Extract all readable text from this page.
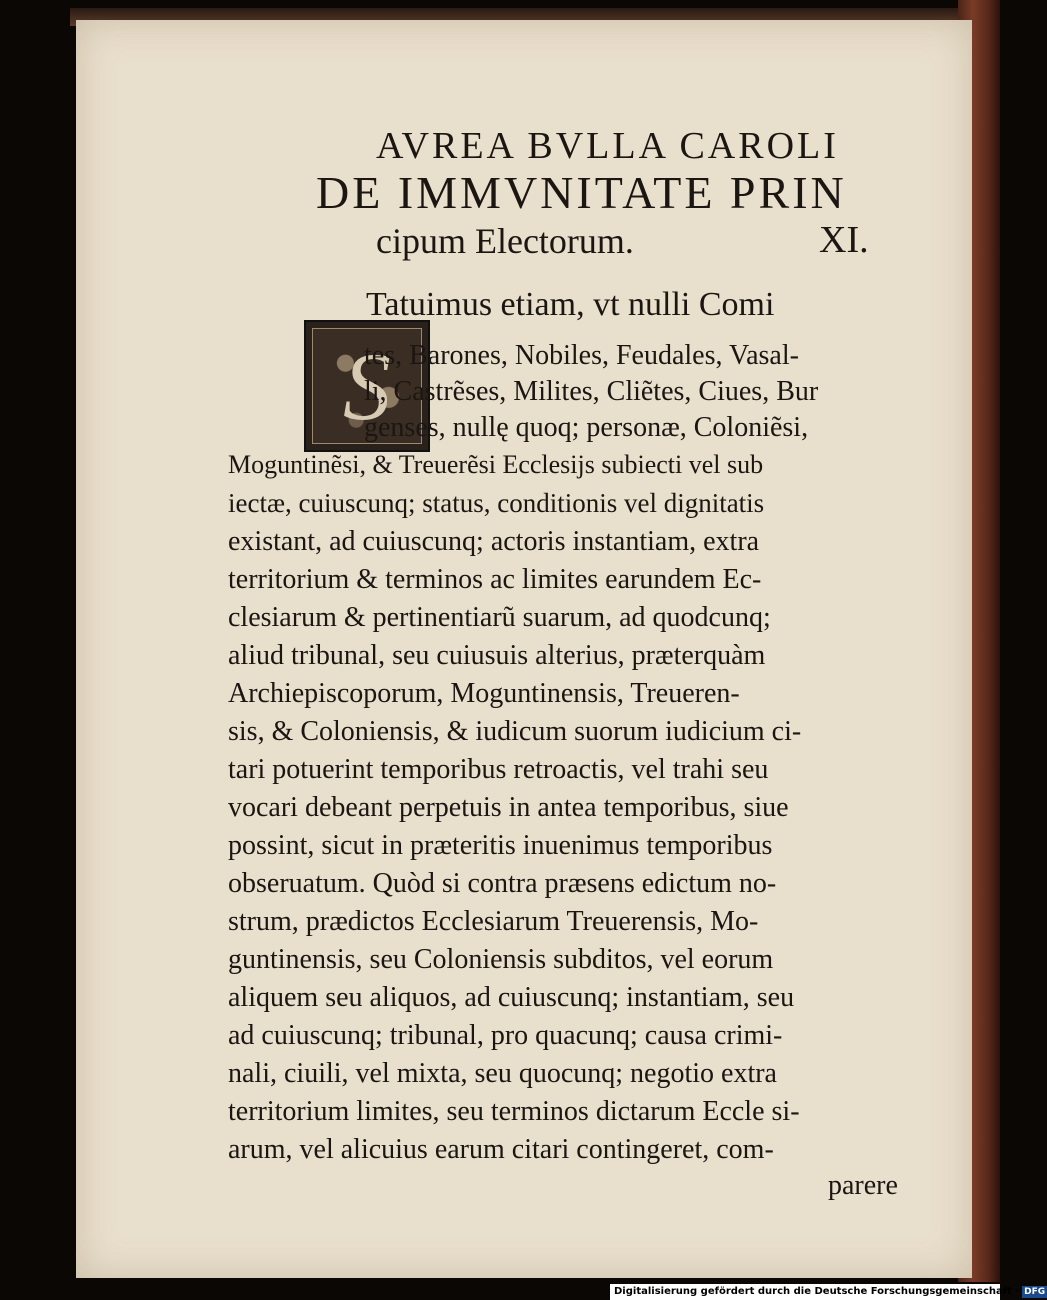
AVREA BVLLA CAROLI
DE IMMVNITATE PRIN
cipum Electorum.	XI.
S
Tatuimus etiam, vt nulli Comi
tes, Barones, Nobiles, Feudales, Vasal-
li, Castrẽses, Milites, Cliẽtes, Ciues, Bur
genses, nullę quoq; personæ, Coloniẽsi,
Moguntinẽsi, & Treuerẽsi Ecclesijs subiecti vel sub
iectæ, cuiuscunq; status, conditionis vel dignitatis
existant, ad cuiuscunq; actoris instantiam, extra
territorium & terminos ac limites earundem Ec-
clesiarum & pertinentiarũ suarum, ad quodcunq;
aliud tribunal, seu cuiusuis alterius, præterquàm
Archiepiscoporum, Moguntinensis, Treueren-
sis, & Coloniensis, & iudicum suorum iudicium ci-
tari potuerint temporibus retroactis, vel trahi seu
vocari debeant perpetuis in antea temporibus, siue
possint, sicut in præteritis inuenimus temporibus
obseruatum. Quòd si contra præsens edictum no-
strum, prædictos Ecclesiarum Treuerensis, Mo-
guntinensis, seu Coloniensis subditos, vel eorum
aliquem seu aliquos, ad cuiuscunq; instantiam, seu
ad cuiuscunq; tribunal, pro quacunq; causa crimi-
nali, ciuili, vel mixta, seu quocunq; negotio extra
territorium limites, seu terminos dictarum Eccle si-
arum, vel alicuius earum citari contingeret, com-
parere
Digitalisierung gefördert durch die Deutsche Forschungsgemeinschaft · DFG
